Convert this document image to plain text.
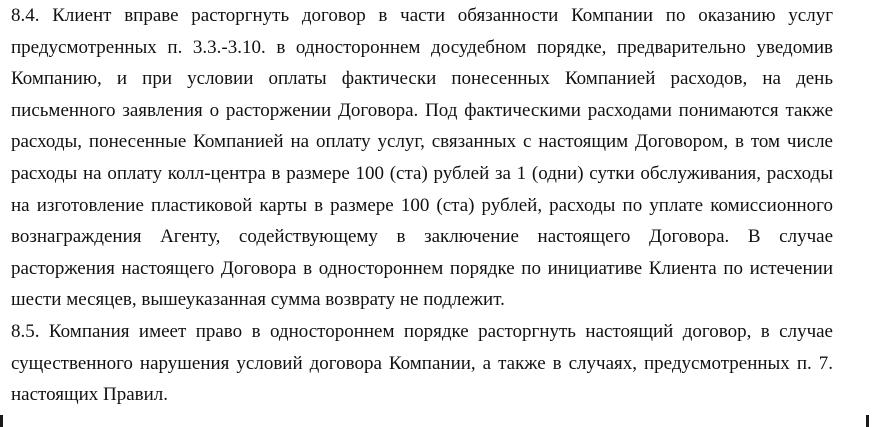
8.4. Клиент вправе расторгнуть договор в части обязанности Компании по оказанию услуг
предусмотренных п. 3.3.-3.10. в одностороннем досудебном порядке, предварительно уведомив
Компанию, и при условии оплаты фактически понесенных Компанией расходов, на день
письменного заявления о расторжении Договора. Под фактическими расходами понимаются также
расходы, понесенные Компанией на оплату услуг, связанных с настоящим Договором, в том числе
расходы на оплату колл-центра в размере 100 (ста) рублей за 1 (одни) сутки обслуживания, расходы
на изготовление пластиковой карты в размере 100 (ста) рублей, расходы по уплате комиссионного
вознаграждения Агенту, содействующему в заключение настоящего Договора. В случае
расторжения настоящего Договора в одностороннем порядке по инициативе Клиента по истечении
шести месяцев, вышеуказанная сумма возврату не подлежит.
8.5. Компания имеет право в одностороннем порядке расторгнуть настоящий договор, в случае
существенного нарушения условий договора Компании, а также в случаях, предусмотренных п. 7.
настоящих Правил.
